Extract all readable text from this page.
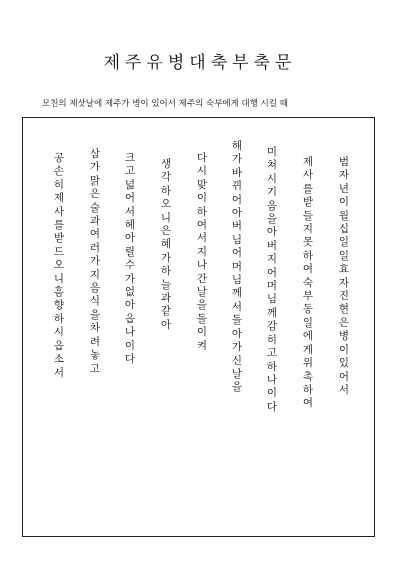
제주유병대축부축문
모친의 제삿날에 제주가 병이 있어서 제주의 숙부에게 대행 시킬 때
범자년 이월 십일일 효자 진현은 병이 있어서
제사를 받들지 못하여 숙부 동일에게 위촉하여
미쳐시기음을 아버지 어머님께 감히 고하나이다
해가 바뀌어 아버님 어머님께서 돌아가신 날을
다시 맞이하여서 지나간 날을 돌이켜
생각하오니 은혜가 하늘과 같아
크고 넓어서 헤아릴 수가 없아옵나이다
삼가 맑은 술과 여러 가지 음식을 차려놓고
공손히 제사를 받드오니 흠향 하시옵소서
